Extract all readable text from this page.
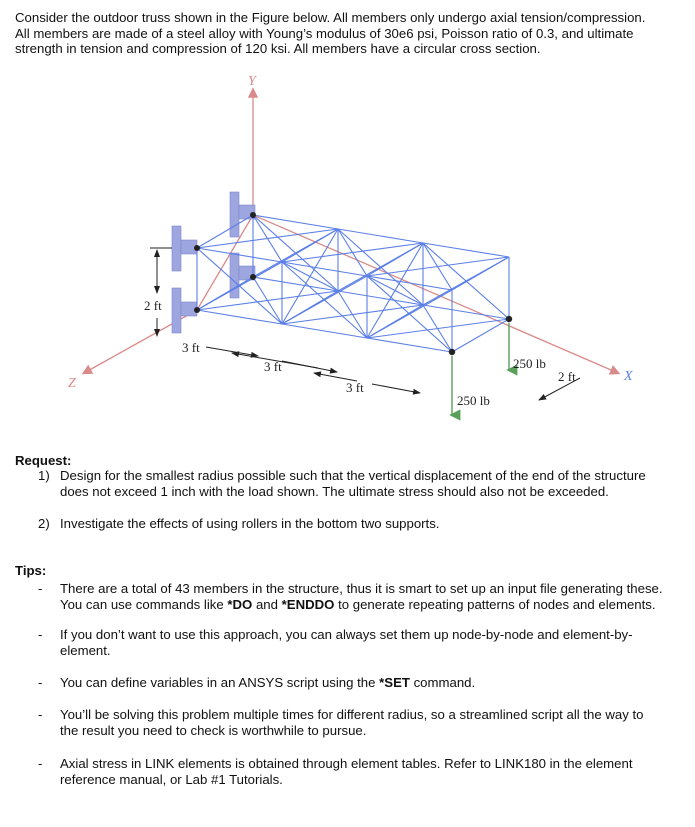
Consider the outdoor truss shown in the Figure below. All members only undergo axial tension/compression.
All members are made of a steel alloy with Young’s modulus of 30e6 psi, Poisson ratio of 0.3, and ultimate
strength in tension and compression of 120 ksi. All members have a circular cross section.
Y
X
Z
2 ft
3 ft
3 ft
3 ft
2 ft
250 lb
250 lb
Request:
1) Design for the smallest radius possible such that the vertical displacement of the end of the structure
does not exceed 1 inch with the load shown. The ultimate stress should also not be exceeded.
2) Investigate the effects of using rollers in the bottom two supports.
Tips:
- There are a total of 43 members in the structure, thus it is smart to set up an input file generating these.
You can use commands like *DO and *ENDDO to generate repeating patterns of nodes and elements.
- If you don’t want to use this approach, you can always set them up node-by-node and element-by-
element.
- You can define variables in an ANSYS script using the *SET command.
- You’ll be solving this problem multiple times for different radius, so a streamlined script all the way to
the result you need to check is worthwhile to pursue.
- Axial stress in LINK elements is obtained through element tables. Refer to LINK180 in the element
reference manual, or Lab #1 Tutorials.
